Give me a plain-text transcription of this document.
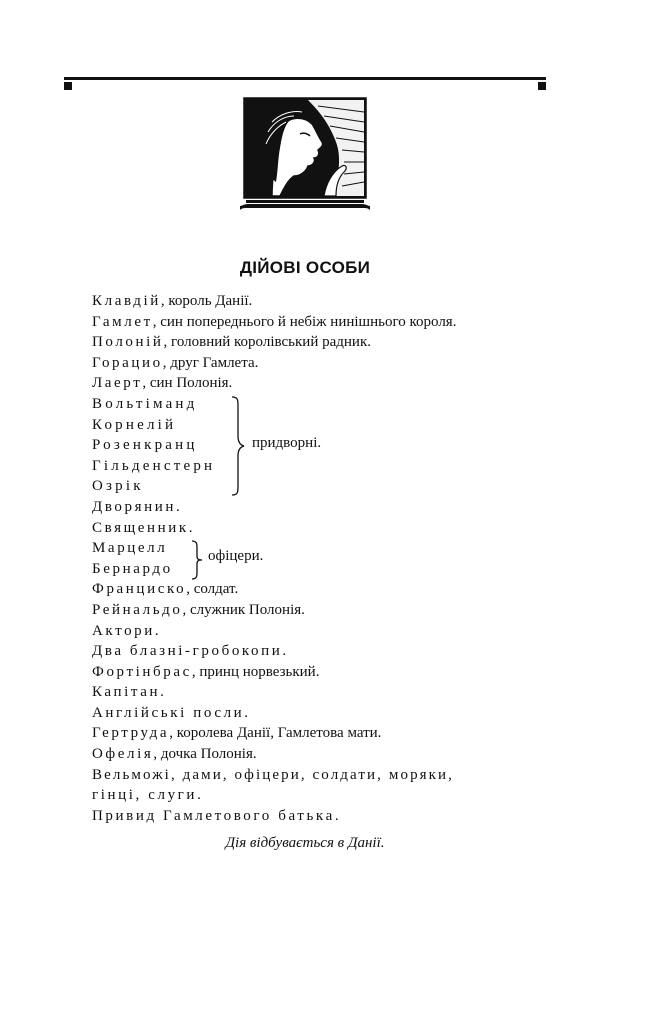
ДІЙОВІ ОСОБИ
Клавдій, король Данії.
Гамлет, син попереднього й небіж нинішнього короля.
Полоній, головний королівський радник.
Горацио, друг Гамлета.
Лаерт, син Полонія.
Вольтіманд
Корнелій
Розенкранц
Гільденстерн
Озрік
придворні.
Дворянин.
Священник.
Марцелл
Бернардо
офіцери.
Франциско, солдат.
Рейнальдо, служник Полонія.
Актори.
Два блазні-гробокопи.
Фортінбрас, принц норвезький.
Капітан.
Англійські посли.
Гертруда, королева Данії, Гамлетова мати.
Офелія, дочка Полонія.
Вельможі, дами, офіцери, солдати, моряки,
гінці, слуги.
Привид Гамлетового батька.
Дія відбувається в Данії.
